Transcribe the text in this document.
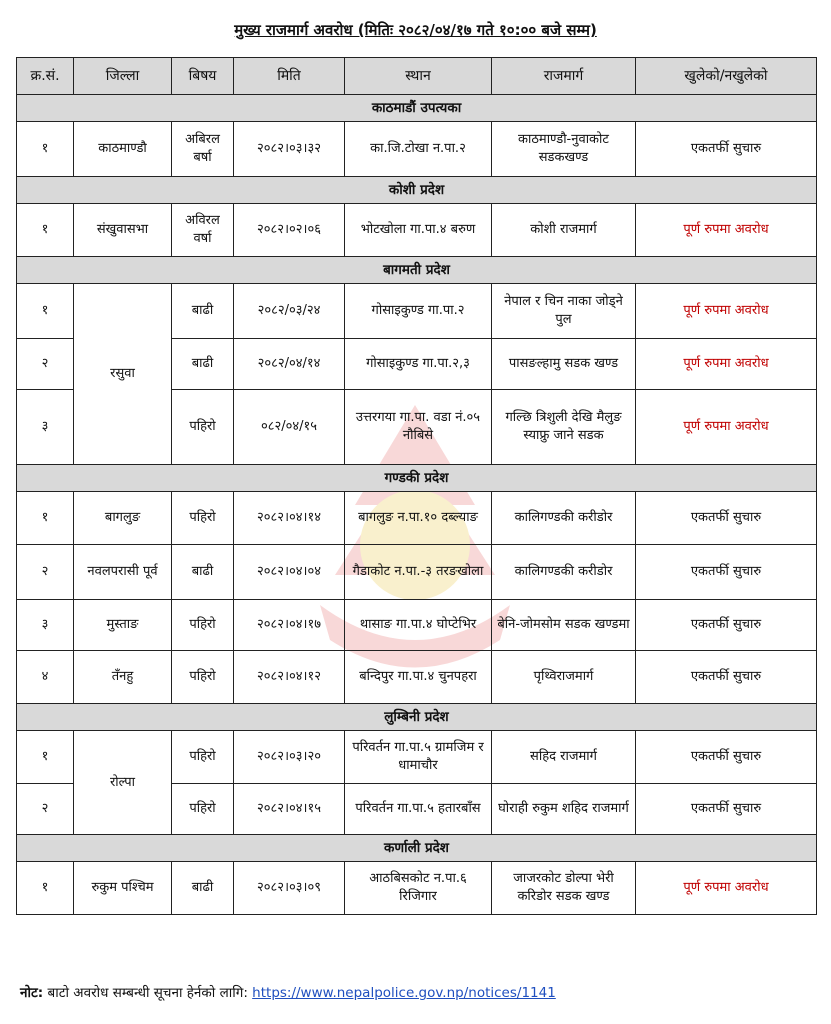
मुख्य राजमार्ग अवरोध (मितिः २०८२/०४/१७ गते १०:०० बजे सम्म)
क्र.सं.	जिल्ला	बिषय	मिति	स्थान	राजमार्ग	खुलेको/नखुलेको
काठमाडौं उपत्यका						
१	काठमाण्डौ	अबिरल बर्षा	२०८२।०३।३२	का.जि.टोखा न.पा.२	काठमाण्डौ-नुवाकोट सडकखण्ड	एकतर्फी सुचारु
कोशी प्रदेश						
१	संखुवासभा	अविरल वर्षा	२०८२।०२।०६	भोटखोला गा.पा.४ बरुण	कोशी राजमार्ग	पूर्ण रुपमा अवरोध
बागमती प्रदेश						
१	रसुवा	बाढी	२०८२/०३/२४	गोसाइकुण्ड गा.पा.२	नेपाल र चिन नाका जोड्ने पुल	पूर्ण रुपमा अवरोध
२		बाढी	२०८२/०४/१४	गोसाइकुण्ड गा.पा.२,३	पासङल्हामु सडक खण्ड	पूर्ण रुपमा अवरोध
३		पहिरो	०८२/०४/१५	उत्तरगया गा.पा. वडा नं.०५ नौबिसे	गल्छि त्रिशुली देखि मैलुङ स्याफ्रु जाने सडक	पूर्ण रुपमा अवरोध
गण्डकी प्रदेश						
१	बागलुङ	पहिरो	२०८२।०४।१४	बागलुङ न.पा.१० दब्ल्याङ	कालिगण्डकी करीडोर	एकतर्फी सुचारु
२	नवलपरासी पूर्व	बाढी	२०८२।०४।०४	गैडाकोट न.पा.-३ तरङखोला	कालिगण्डकी करीडोर	एकतर्फी सुचारु
३	मुस्ताङ	पहिरो	२०८२।०४।१७	थासाङ गा.पा.४ घोप्टेभिर	बेनि-जोमसोम सडक खण्डमा	एकतर्फी सुचारु
४	तँनहु	पहिरो	२०८२।०४।१२	बन्दिपुर गा.पा.४ चुनपहरा	पृथ्विराजमार्ग	एकतर्फी सुचारु
लुम्बिनी प्रदेश						
१	रोल्पा	पहिरो	२०८२।०३।२०	परिवर्तन गा.पा.५ ग्रामजिम र धामाचौर	सहिद राजमार्ग	एकतर्फी सुचारु
२		पहिरो	२०८२।०४।१५	परिवर्तन गा.पा.५ हतारबाँस	घोराही रुकुम शहिद राजमार्ग	एकतर्फी सुचारु
कर्णाली प्रदेश						
१	रुकुम पश्चिम	बाढी	२०८२।०३।०९	आठबिसकोट न.पा.६ रिजिगार	जाजरकोट डोल्पा भेरी करिडोर सडक खण्ड	पूर्ण रुपमा अवरोध
नोट: बाटो अवरोध सम्बन्धी सूचना हेर्नको लागि: https://www.nepalpolice.gov.np/notices/1141
